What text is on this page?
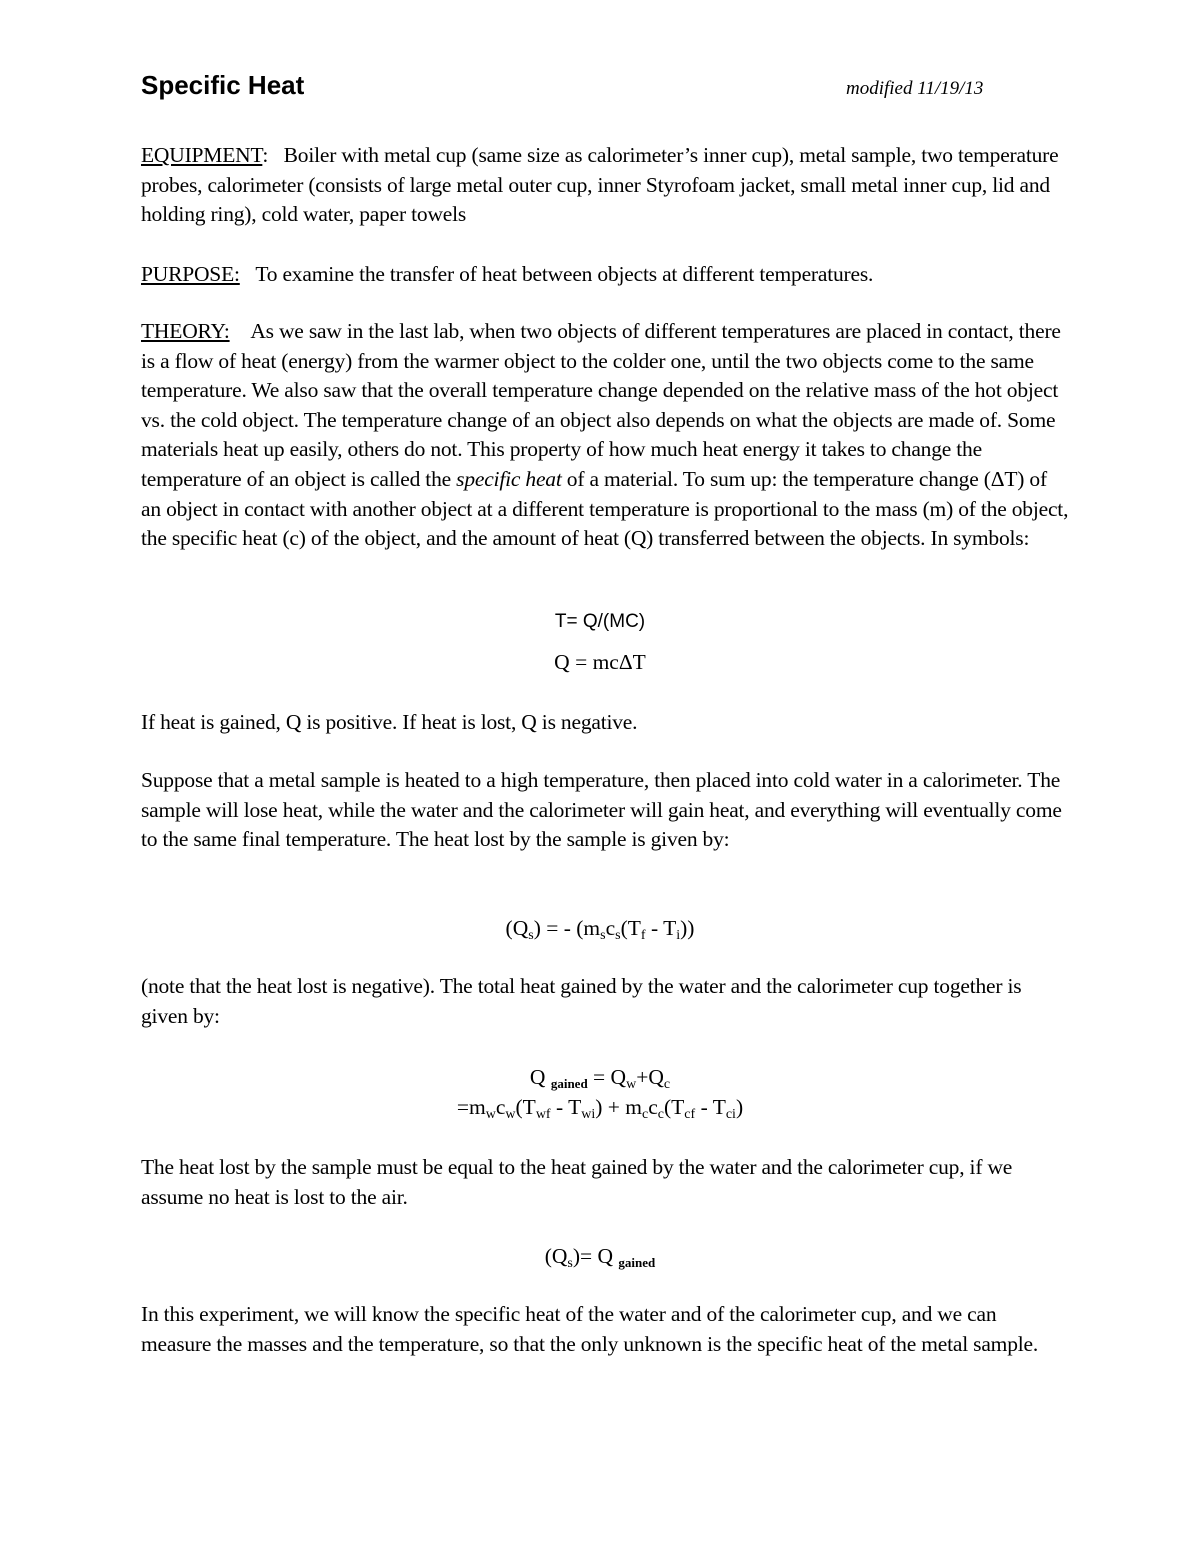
Specific Heat	modified 11/19/13
EQUIPMENT: Boiler with metal cup (same size as calorimeter’s inner cup), metal sample, two temperature probes, calorimeter (consists of large metal outer cup, inner Styrofoam jacket, small metal inner cup, lid and holding ring), cold water, paper towels
PURPOSE: To examine the transfer of heat between objects at different temperatures.
THEORY: As we saw in the last lab, when two objects of different temperatures are placed in contact, there is a flow of heat (energy) from the warmer object to the colder one, until the two objects come to the same temperature. We also saw that the overall temperature change depended on the relative mass of the hot object vs. the cold object. The temperature change of an object also depends on what the objects are made of. Some materials heat up easily, others do not. This property of how much heat energy it takes to change the temperature of an object is called the specific heat of a material. To sum up: the temperature change (ΔT) of an object in contact with another object at a different temperature is proportional to the mass (m) of the object, the specific heat (c) of the object, and the amount of heat (Q) transferred between the objects. In symbols:
T= Q/(MC)
Q = mcΔT
If heat is gained, Q is positive. If heat is lost, Q is negative.
Suppose that a metal sample is heated to a high temperature, then placed into cold water in a calorimeter. The sample will lose heat, while the water and the calorimeter will gain heat, and everything will eventually come to the same final temperature. The heat lost by the sample is given by:
$(Q_s)$ = - $(m_sc_s(T_f - T_i))$
(note that the heat lost is negative). The total heat gained by the water and the calorimeter cup together is given by:
Q gained = $Q_w+Q_c$
$=m_wc_w(T_{wf} - T_{wi}) + m_cc_c(T_{cf} - T_{ci})$
The heat lost by the sample must be equal to the heat gained by the water and the calorimeter cup, if we assume no heat is lost to the air.
$(Q_s)= Q$ gained
In this experiment, we will know the specific heat of the water and of the calorimeter cup, and we can measure the masses and the temperature, so that the only unknown is the specific heat of the metal sample.
